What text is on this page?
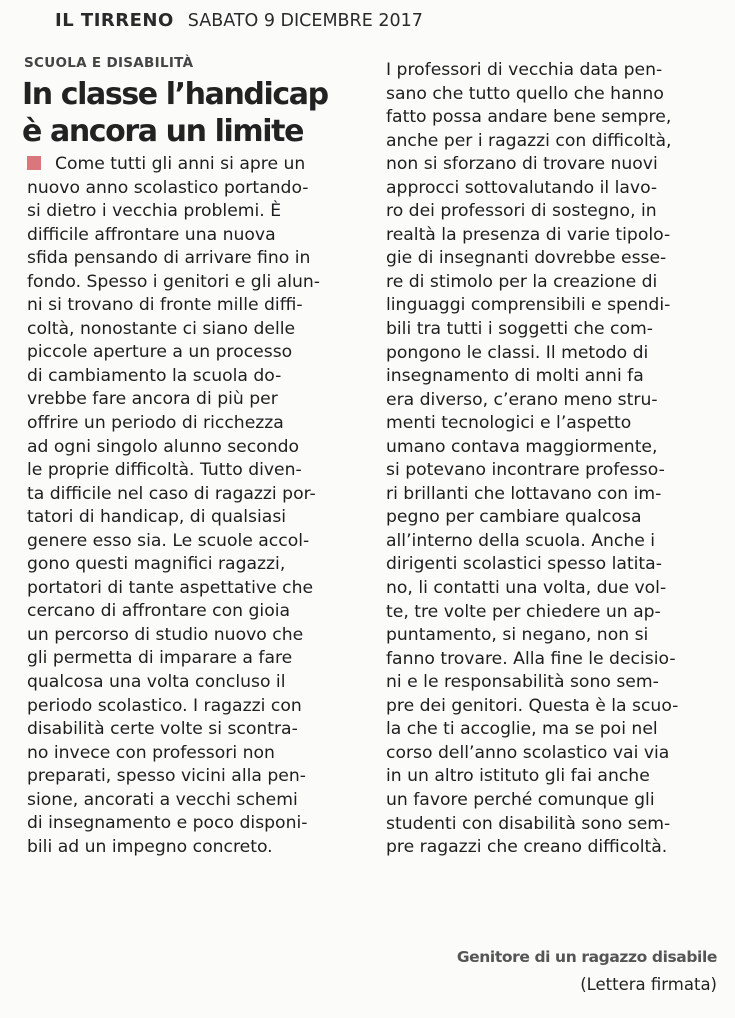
IL TIRRENO SABATO 9 DICEMBRE 2017
SCUOLA E DISABILITÀ
In classe l’handicap
è ancora un limite
Come tutti gli anni si apre un
nuovo anno scolastico portando-
si dietro i vecchia problemi. È
difficile affrontare una nuova
sfida pensando di arrivare fino in
fondo. Spesso i genitori e gli alun-
ni si trovano di fronte mille diffi-
coltà, nonostante ci siano delle
piccole aperture a un processo
di cambiamento la scuola do-
vrebbe fare ancora di più per
offrire un periodo di ricchezza
ad ogni singolo alunno secondo
le proprie difficoltà. Tutto diven-
ta difficile nel caso di ragazzi por-
tatori di handicap, di qualsiasi
genere esso sia. Le scuole accol-
gono questi magnifici ragazzi,
portatori di tante aspettative che
cercano di affrontare con gioia
un percorso di studio nuovo che
gli permetta di imparare a fare
qualcosa una volta concluso il
periodo scolastico. I ragazzi con
disabilità certe volte si scontra-
no invece con professori non
preparati, spesso vicini alla pen-
sione, ancorati a vecchi schemi
di insegnamento e poco disponi-
bili ad un impegno concreto.
I professori di vecchia data pen-
sano che tutto quello che hanno
fatto possa andare bene sempre,
anche per i ragazzi con difficoltà,
non si sforzano di trovare nuovi
approcci sottovalutando il lavo-
ro dei professori di sostegno, in
realtà la presenza di varie tipolo-
gie di insegnanti dovrebbe esse-
re di stimolo per la creazione di
linguaggi comprensibili e spendi-
bili tra tutti i soggetti che com-
pongono le classi. Il metodo di
insegnamento di molti anni fa
era diverso, c’erano meno stru-
menti tecnologici e l’aspetto
umano contava maggiormente,
si potevano incontrare professo-
ri brillanti che lottavano con im-
pegno per cambiare qualcosa
all’interno della scuola. Anche i
dirigenti scolastici spesso latita-
no, li contatti una volta, due vol-
te, tre volte per chiedere un ap-
puntamento, si negano, non si
fanno trovare. Alla fine le decisio-
ni e le responsabilità sono sem-
pre dei genitori. Questa è la scuo-
la che ti accoglie, ma se poi nel
corso dell’anno scolastico vai via
in un altro istituto gli fai anche
un favore perché comunque gli
studenti con disabilità sono sem-
pre ragazzi che creano difficoltà.
Genitore di un ragazzo disabile
(Lettera firmata)
